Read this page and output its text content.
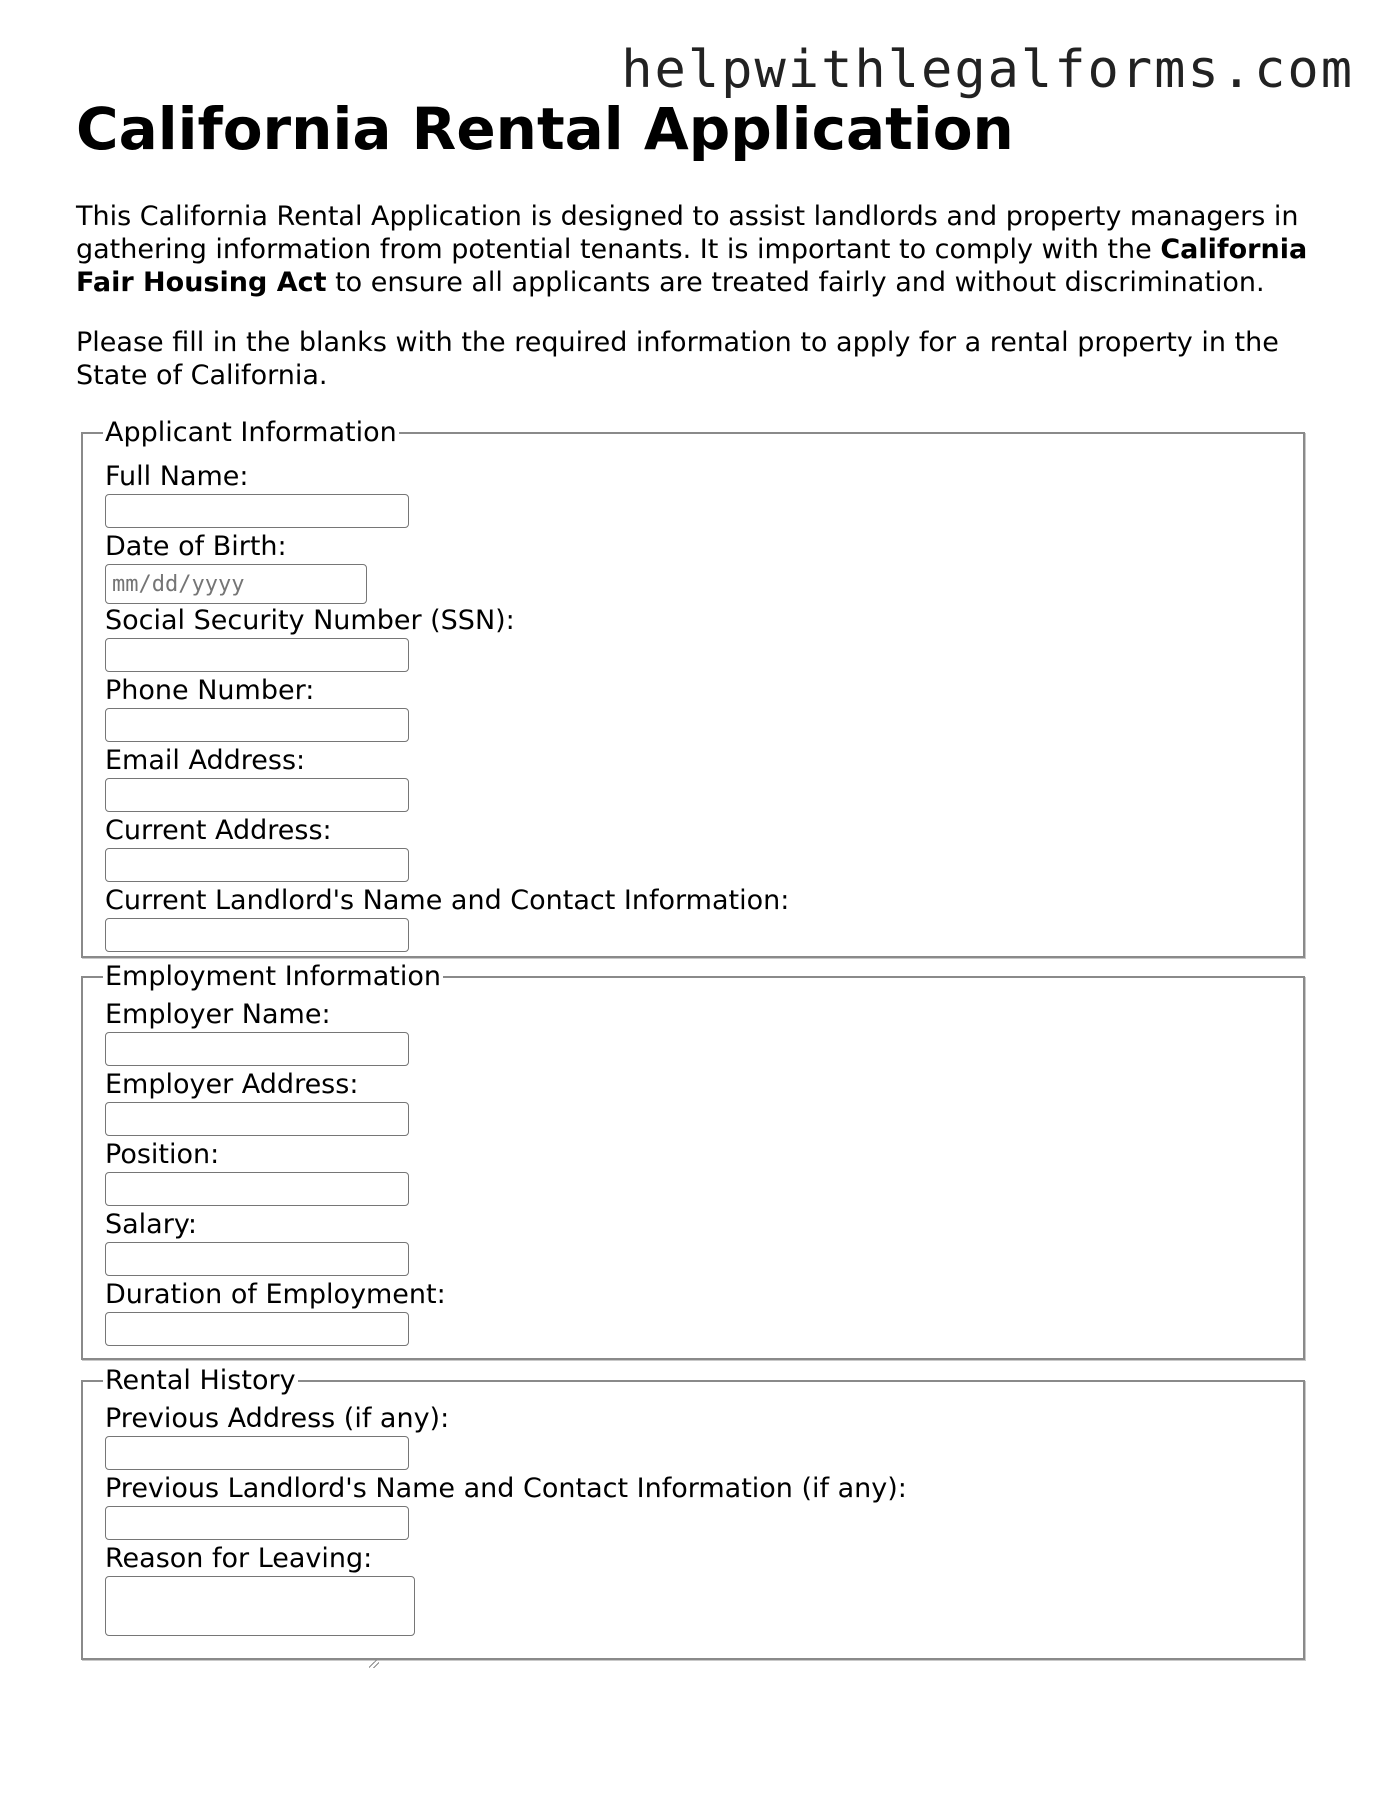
helpwithlegalforms.com
California Rental Application

This California Rental Application is designed to assist landlords and property managers in gathering information from potential tenants. It is important to comply with the California Fair Housing Act to ensure all applicants are treated fairly and without discrimination.

Please fill in the blanks with the required information to apply for a rental property in the State of California.

Applicant Information
Full Name:
Date of Birth:
mm/dd/yyyy
Social Security Number (SSN):
Phone Number:
Email Address:
Current Address:
Current Landlord's Name and Contact Information:
Employment Information
Employer Name:
Employer Address:
Position:
Salary:
Duration of Employment:
Rental History
Previous Address (if any):
Previous Landlord's Name and Contact Information (if any):
Reason for Leaving:
